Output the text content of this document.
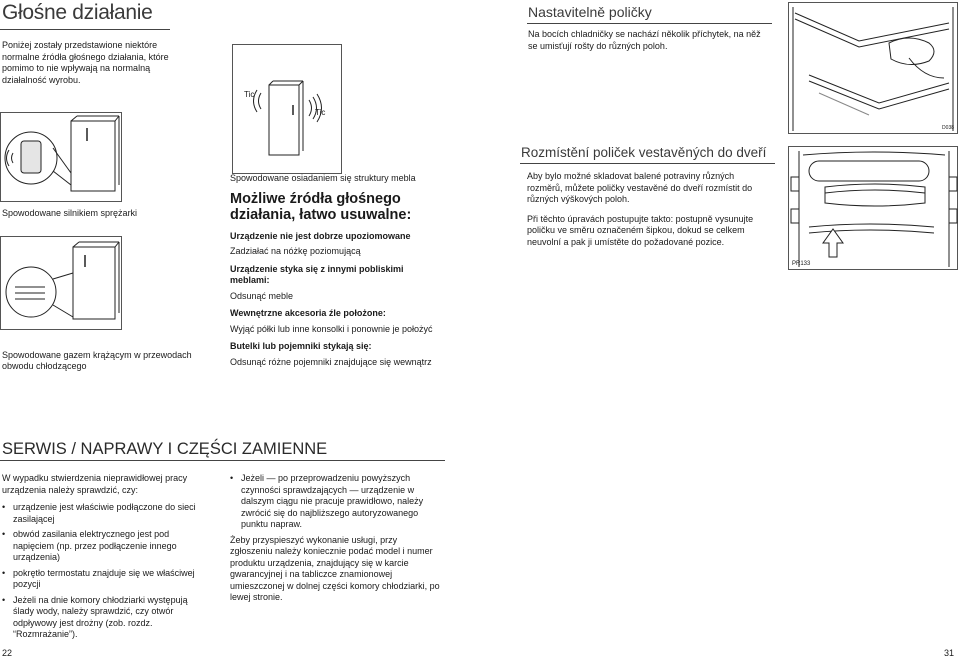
Głośne działanie
Poniżej zostały przedstawione niektóre normalne źródła głośnego działania, które pomimo to nie wpływają na normalną działalność wyrobu.
Tic
Tic
Spowodowane silnikiem sprężarki
Spowodowane gazem krążącym w przewodach obwodu chłodzącego
Spowodowane osiadaniem się struktury mebla
Możliwe źródła głośnego działania, łatwo usuwalne:
Urządzenie nie jest dobrze upoziomowane
Zadziałać na nóżkę poziomującą
Urządzenie styka się z innymi pobliskimi meblami:
Odsunąć meble
Wewnętrzne akcesoria źle położone:
Wyjąć półki lub inne konsolki i ponownie je położyć
Butelki lub pojemniki stykają się:
Odsunąć różne pojemniki znajdujące się wewnątrz
SERWIS / NAPRAWY I CZĘŚCI ZAMIENNE
W wypadku stwierdzenia nieprawidłowej pracy urządzenia należy sprawdzić, czy:
• urządzenie jest właściwie podłączone do sieci zasilającej
• obwód zasilania elektrycznego jest pod napięciem (np. przez podłączenie innego urządzenia)
• pokrętło termostatu znajduje się we właściwej pozycji
• Jeżeli na dnie komory chłodziarki występują ślady wody, należy sprawdzić, czy otwór odpływowy jest drożny (zob. rozdz. “Rozmrażanie”).
• Jeżeli — po przeprowadzeniu powyższych czynności sprawdzających — urządzenie w dalszym ciągu nie pracuje prawidłowo, należy zwrócić się do najbliższego autoryzowanego punktu napraw.
Żeby przyspieszyć wykonanie usługi, przy zgłoszeniu należy koniecznie podać model i numer produktu urządzenia, znajdujący się w karcie gwarancyjnej i na tabliczce znamionowej umieszczonej w dolnej części komory chłodziarki, po lewej stronie.
22
Nastavitelně poličky
Na bocích chladničky se nachází několik příchytek, na něž se umisťují rošty do různých poloh.
D038
Rozmístění poliček vestavěných do dveří
Aby bylo možné skladovat balené potraviny různých rozměrů, můžete poličky vestavěné do dveří rozmístit do různých výškových poloh.
Při těchto úpravách postupujte takto: postupně vysunujte poličku ve směru označeném šipkou, dokud se celkem neuvolní a pak ji umístěte do požadované pozice.
PR133
31
